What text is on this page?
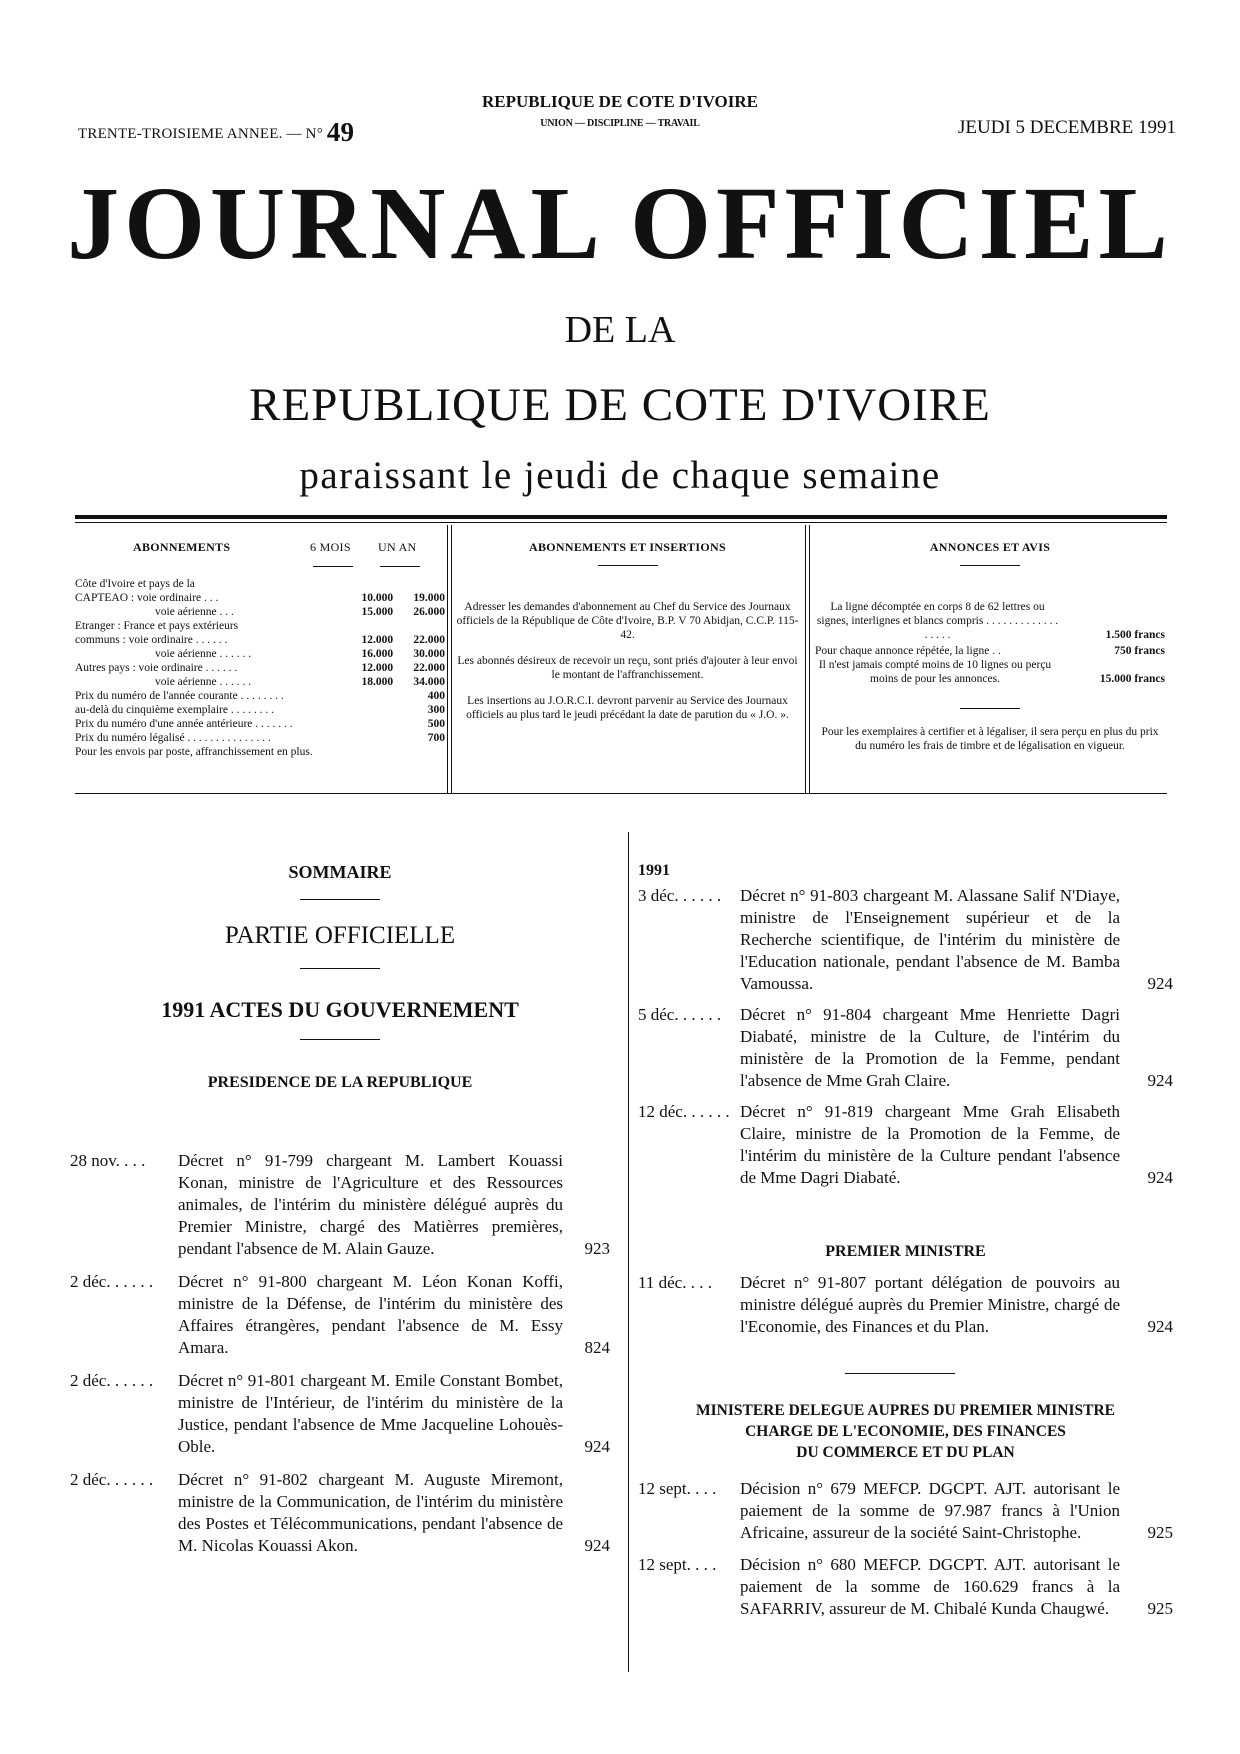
TRENTE-TROISIEME ANNEE. — N° 49
REPUBLIQUE DE COTE D'IVOIRE
UNION — DISCIPLINE — TRAVAIL	JEUDI 5 DECEMBRE 1991
JOURNAL OFFICIEL
DE LA
REPUBLIQUE DE COTE D'IVOIRE
paraissant le jeudi de chaque semaine
ABONNEMENTS	6 MOIS UN AN
Côte d'Ivoire et pays de la		
CAPTEAO : voie ordinaire . . .	10.000	19.000
voie aérienne . . .	15.000	26.000
Etranger : France et pays extérieurs		
communs : voie ordinaire . . . . . .	12.000	22.000
voie aérienne . . . . . .	16.000	30.000
Autres pays : voie ordinaire . . . . . .	12.000	22.000
voie aérienne . . . . . .	18.000	34.000
Prix du numéro de l'année courante . . . . . . . .		400
au-delà du cinquième exemplaire . . . . . . . .		300
Prix du numéro d'une année antérieure . . . . . . .		500
Prix du numéro légalisé . . . . . . . . . . . . . . .		700
Pour les envois par poste, affranchissement en plus.		
ABONNEMENTS ET INSERTIONS
Adresser les demandes d'abonnement au Chef du Service des Journaux officiels de la République de Côte d'Ivoire, B.P. V 70 Abidjan, C.C.P. 115-42.
Les abonnés désireux de recevoir un reçu, sont priés d'ajouter à leur envoi le montant de l'affranchissement.
Les insertions au J.O.R.C.I. devront parvenir au Service des Journaux officiels au plus tard le jeudi précédant la date de parution du « J.O. ».
ANNONCES ET AVIS
La ligne décomptée en corps 8 de 62 lettres ou signes, interlignes et blancs compris . . . . . . . . . . . . . . . . . .	1.500 francs
Pour chaque annonce répétée, la ligne . .	750 francs
Il n'est jamais compté moins de 10 lignes ou perçu moins de pour les annonces.	15.000 francs
Pour les exemplaires à certifier et à légaliser, il sera perçu en plus du prix du numéro les frais de timbre et de légalisation en vigueur.
SOMMAIRE
PARTIE OFFICIELLE
1991 ACTES DU GOUVERNEMENT
PRESIDENCE DE LA REPUBLIQUE
28 nov. . . . Décret n° 91-799 chargeant M. Lambert Kouassi Konan, ministre de l'Agriculture et des Ressources animales, de l'intérim du ministère délégué auprès du Premier Ministre, chargé des Matièrres premières, pendant l'absence de M. Alain Gauze.	923
2 déc. . . . . . Décret n° 91-800 chargeant M. Léon Konan Koffi, ministre de la Défense, de l'intérim du ministère des Affaires étrangères, pendant l'absence de M. Essy Amara.	824
2 déc. . . . . . Décret n° 91-801 chargeant M. Emile Constant Bombet, ministre de l'Intérieur, de l'intérim du ministère de la Justice, pendant l'absence de Mme Jacqueline Lohouès-Oble.	924
2 déc. . . . . . Décret n° 91-802 chargeant M. Auguste Miremont, ministre de la Communication, de l'intérim du ministère des Postes et Télécommunications, pendant l'absence de M. Nicolas Kouassi Akon.	924
1991
3 déc. . . . . . Décret n° 91-803 chargeant M. Alassane Salif N'Diaye, ministre de l'Enseignement supérieur et de la Recherche scientifique, de l'intérim du ministère de l'Education nationale, pendant l'absence de M. Bamba Vamoussa.	924
5 déc. . . . . . Décret n° 91-804 chargeant Mme Henriette Dagri Diabaté, ministre de la Culture, de l'intérim du ministère de la Promotion de la Femme, pendant l'absence de Mme Grah Claire.	924
12 déc. . . . . . Décret n° 91-819 chargeant Mme Grah Elisabeth Claire, ministre de la Promotion de la Femme, de l'intérim du ministère de la Culture pendant l'absence de Mme Dagri Diabaté.	924
PREMIER MINISTRE
11 déc. . . . Décret n° 91-807 portant délégation de pouvoirs au ministre délégué auprès du Premier Ministre, chargé de l'Economie, des Finances et du Plan.	924
MINISTERE DELEGUE AUPRES DU PREMIER MINISTRE
CHARGE DE L'ECONOMIE, DES FINANCES
DU COMMERCE ET DU PLAN
12 sept. . . . Décision n° 679 MEFCP. DGCPT. AJT. autorisant le paiement de la somme de 97.987 francs à l'Union Africaine, assureur de la société Saint-Christophe.	925
12 sept. . . . Décision n° 680 MEFCP. DGCPT. AJT. autorisant le paiement de la somme de 160.629 francs à la SAFARRIV, assureur de M. Chibalé Kunda Chaugwé.	925
